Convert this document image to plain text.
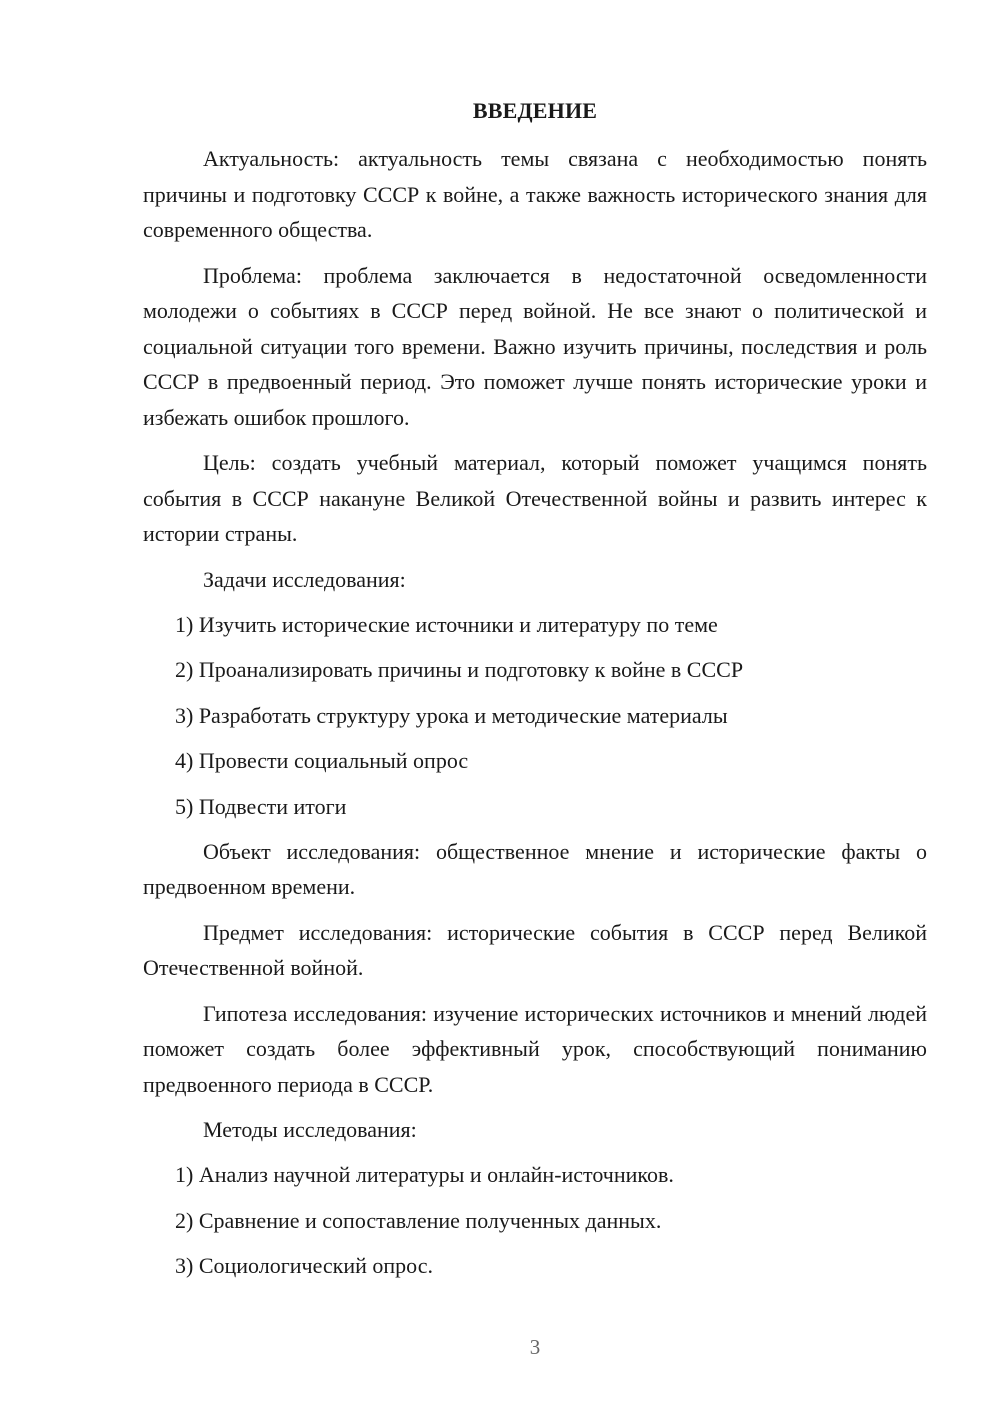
ВВЕДЕНИЕ

Актуальность: актуальность темы связана с необходимостью понять причины и подготовку СССР к войне, а также важность исторического знания для современного общества.

Проблема: проблема заключается в недостаточной осведомленности молодежи о событиях в СССР перед войной. Не все знают о политической и социальной ситуации того времени. Важно изучить причины, последствия и роль СССР в предвоенный период. Это поможет лучше понять исторические уроки и избежать ошибок прошлого.

Цель: создать учебный материал, который поможет учащимся понять события в СССР накануне Великой Отечественной войны и развить интерес к истории страны.

Задачи исследования:

1) Изучить исторические источники и литературу по теме
2) Проанализировать причины и подготовку к войне в СССР
3) Разработать структуру урока и методические материалы
4) Провести социальный опрос
5) Подвести итоги

Объект исследования: общественное мнение и исторические факты о предвоенном времени.

Предмет исследования: исторические события в СССР перед Великой Отечественной войной.

Гипотеза исследования: изучение исторических источников и мнений людей поможет создать более эффективный урок, способствующий пониманию предвоенного периода в СССР.

Методы исследования:

1) Анализ научной литературы и онлайн-источников.
2) Сравнение и сопоставление полученных данных.
3) Социологический опрос.
3
